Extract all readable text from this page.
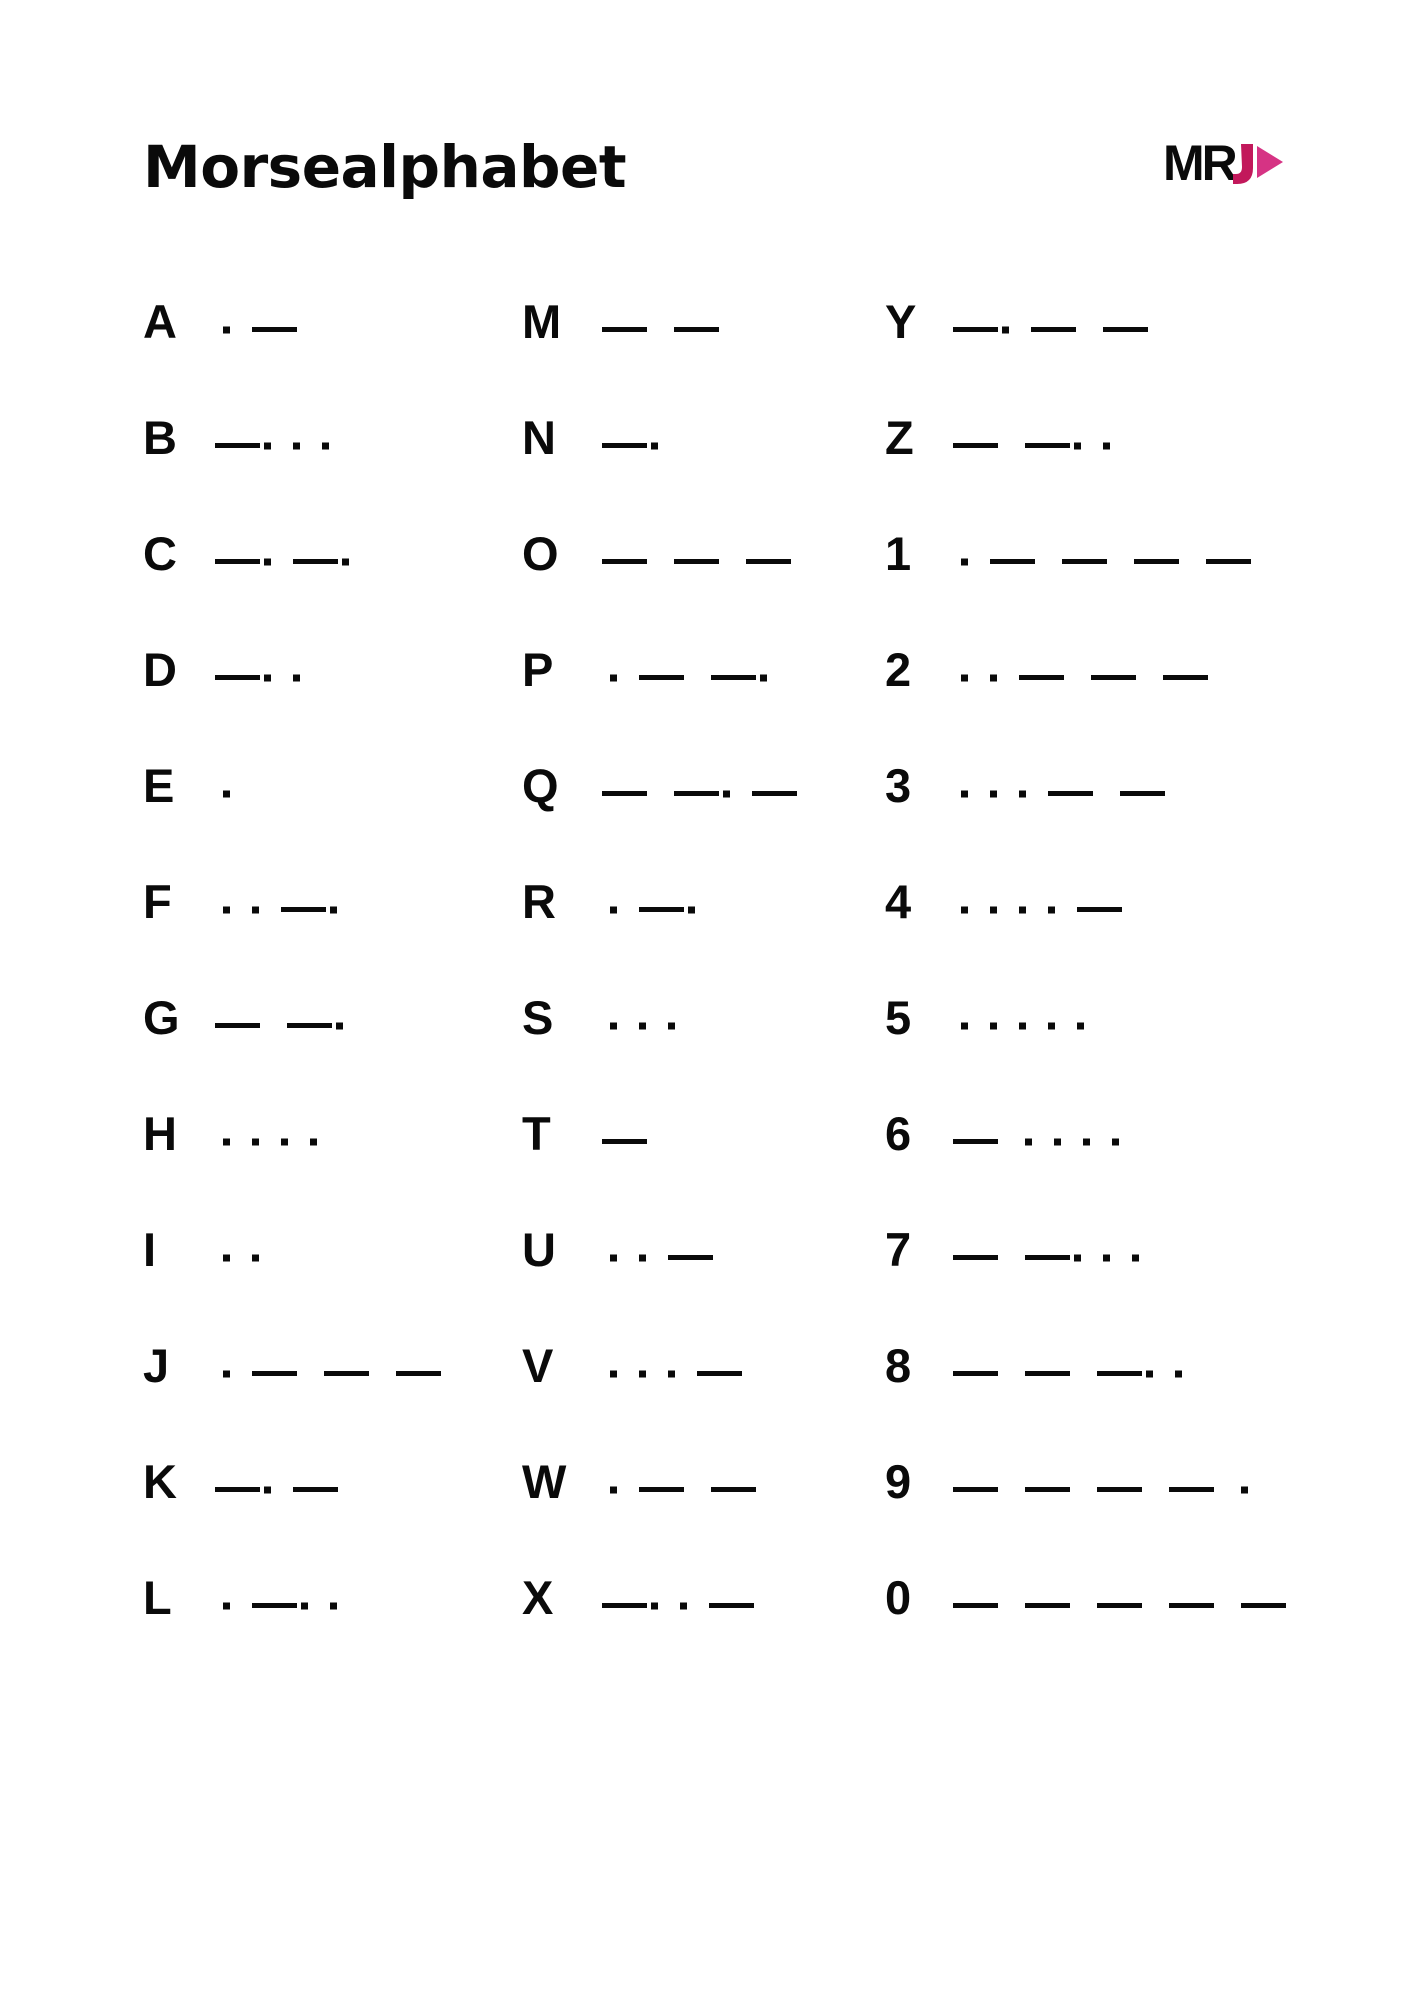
Morsealphabet	MR
A
B
C
D
E
F
G
H
I
J
K
L
M
N
O
P
Q
R
S
T
U
V
W
X
Y
Z
1
2
3
4
5
6
7
8
9
0
